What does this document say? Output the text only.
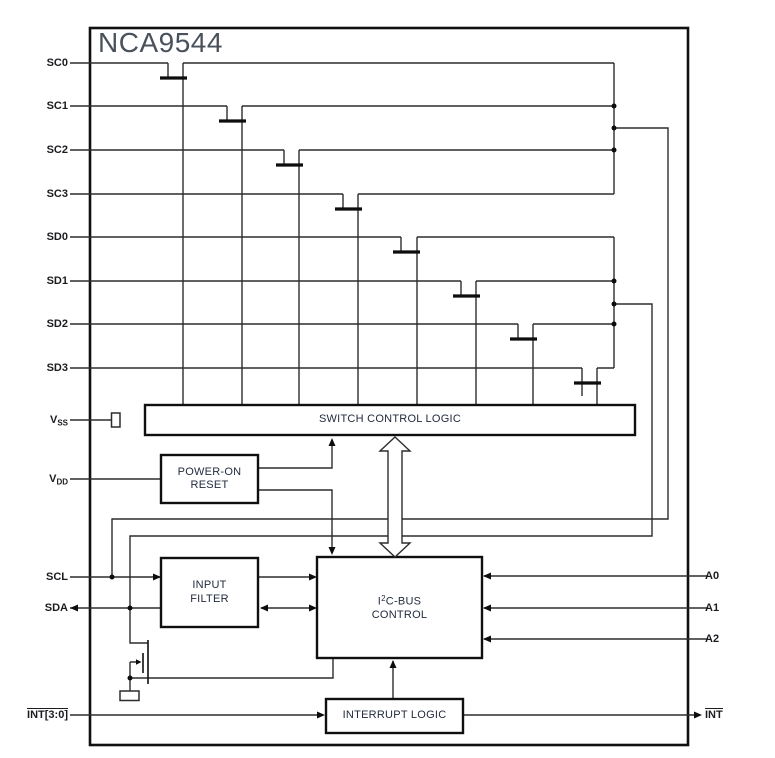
NCA9544
SC0
SC1
SC2
SC3
SD0
SD1
SD2
SD3
$V_{SS}$
$V_{DD}$
SCL
SDA
INT[3:0]
A0
A1
A2
INT
SWITCH CONTROL LOGIC
POWER-ON
RESET
INPUT
FILTER	$I^2C$-BUS
CONTROL
INTERRUPT LOGIC
